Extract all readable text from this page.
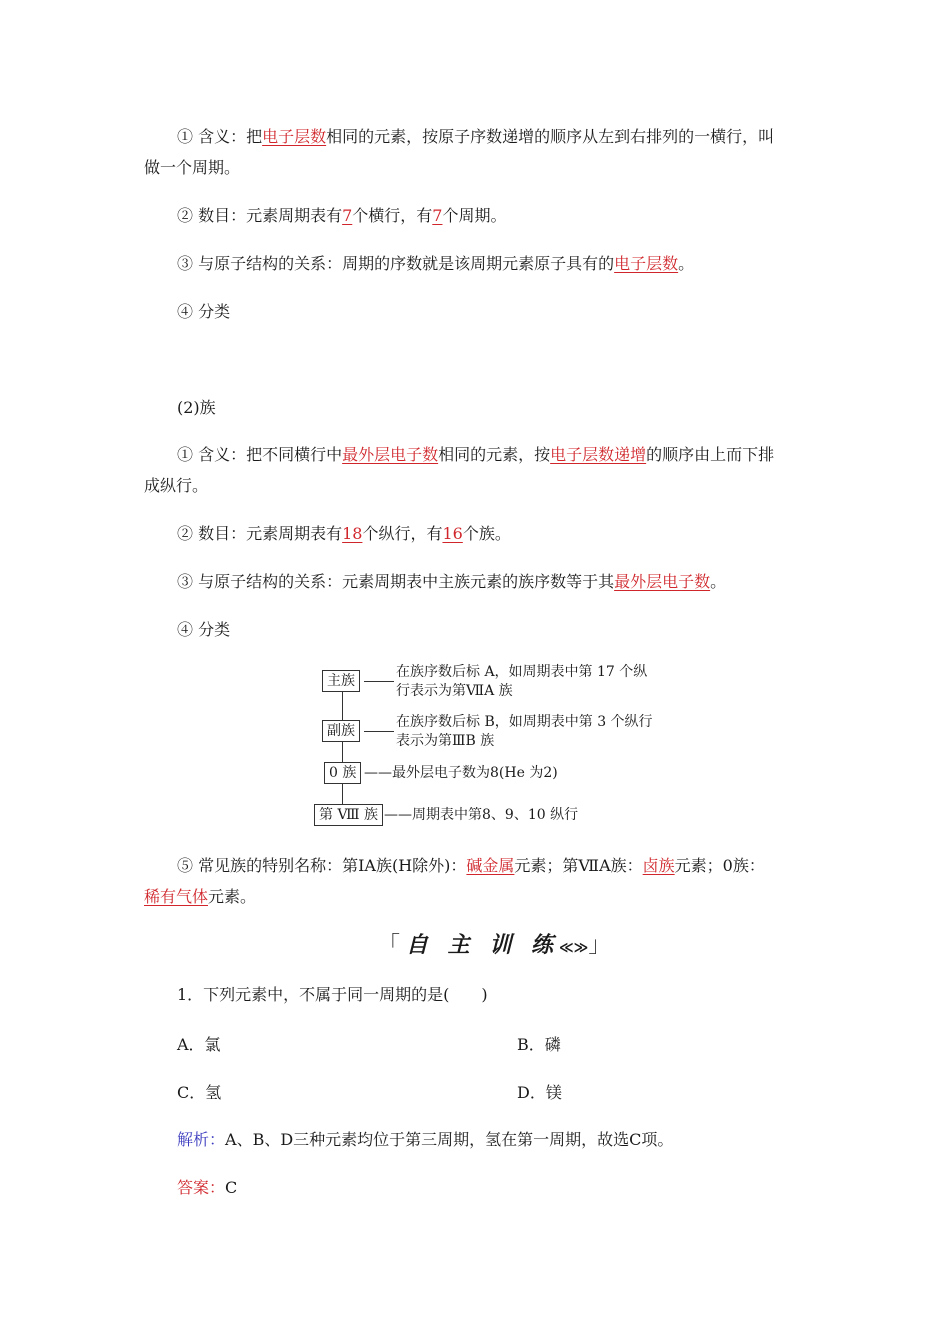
① 含义：把电子层数相同的元素，按原子序数递增的顺序从左到右排列的一横行，叫
做一个周期。
② 数目：元素周期表有7个横行，有7个周期。
③ 与原子结构的关系：周期的序数就是该周期元素原子具有的电子层数。
④ 分类
(2)族
① 含义：把不同横行中最外层电子数相同的元素，按电子层数递增的顺序由上而下排
成纵行。
② 数目：元素周期表有18个纵行，有16个族。
③ 与原子结构的关系：元素周期表中主族元素的族序数等于其最外层电子数。
④ 分类
主族
在族序数后标 A，如周期表中第 17 个纵
行表示为第ⅦA 族
副族
在族序数后标 B，如周期表中第 3 个纵行
表示为第ⅢB 族
0 族 ——最外层电子数为8(He 为2)
第 Ⅷ 族 ——周期表中第8、9、10 纵行
⑤ 常见族的特别名称：第ⅠA族(H除外)：碱金属元素；第ⅦA族：卤族元素；0族：
稀有气体元素。
「自 主 训 练≪≫」
1．下列元素中，不属于同一周期的是(　　)
A．氯	B．磷
C．氢	D．镁
解析：A、B、D三种元素均位于第三周期，氢在第一周期，故选C项。
答案：C
